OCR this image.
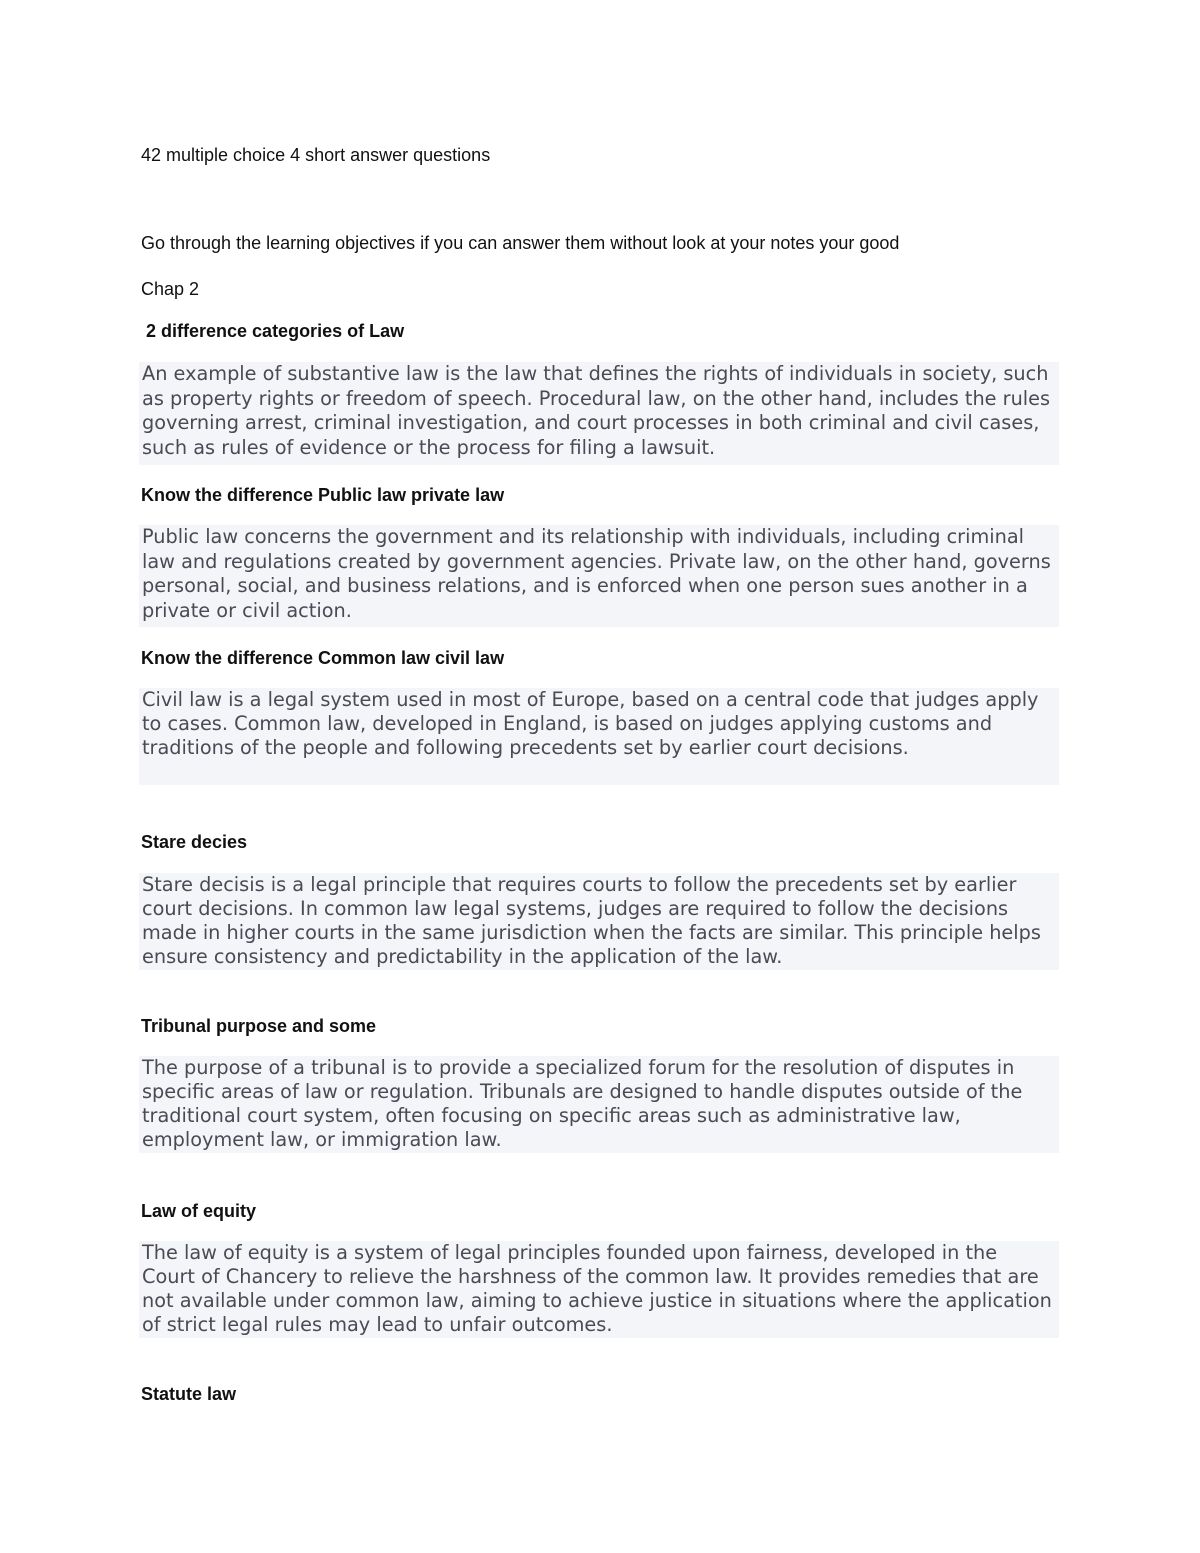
42 multiple choice 4 short answer questions

Go through the learning objectives if you can answer them without look at your notes your good

Chap 2

2 difference categories of Law

An example of substantive law is the law that defines the rights of individuals in society, such as property rights or freedom of speech. Procedural law, on the other hand, includes the rules governing arrest, criminal investigation, and court processes in both criminal and civil cases, such as rules of evidence or the process for filing a lawsuit.

Know the difference Public law private law

Public law concerns the government and its relationship with individuals, including criminal law and regulations created by government agencies. Private law, on the other hand, governs personal, social, and business relations, and is enforced when one person sues another in a private or civil action.

Know the difference Common law civil law

Civil law is a legal system used in most of Europe, based on a central code that judges apply to cases. Common law, developed in England, is based on judges applying customs and traditions of the people and following precedents set by earlier court decisions.

Stare decies

Stare decisis is a legal principle that requires courts to follow the precedents set by earlier court decisions. In common law legal systems, judges are required to follow the decisions made in higher courts in the same jurisdiction when the facts are similar. This principle helps ensure consistency and predictability in the application of the law.

Tribunal purpose and some

The purpose of a tribunal is to provide a specialized forum for the resolution of disputes in specific areas of law or regulation. Tribunals are designed to handle disputes outside of the traditional court system, often focusing on specific areas such as administrative law, employment law, or immigration law.

Law of equity

The law of equity is a system of legal principles founded upon fairness, developed in the Court of Chancery to relieve the harshness of the common law. It provides remedies that are not available under common law, aiming to achieve justice in situations where the application of strict legal rules may lead to unfair outcomes.

Statute law
